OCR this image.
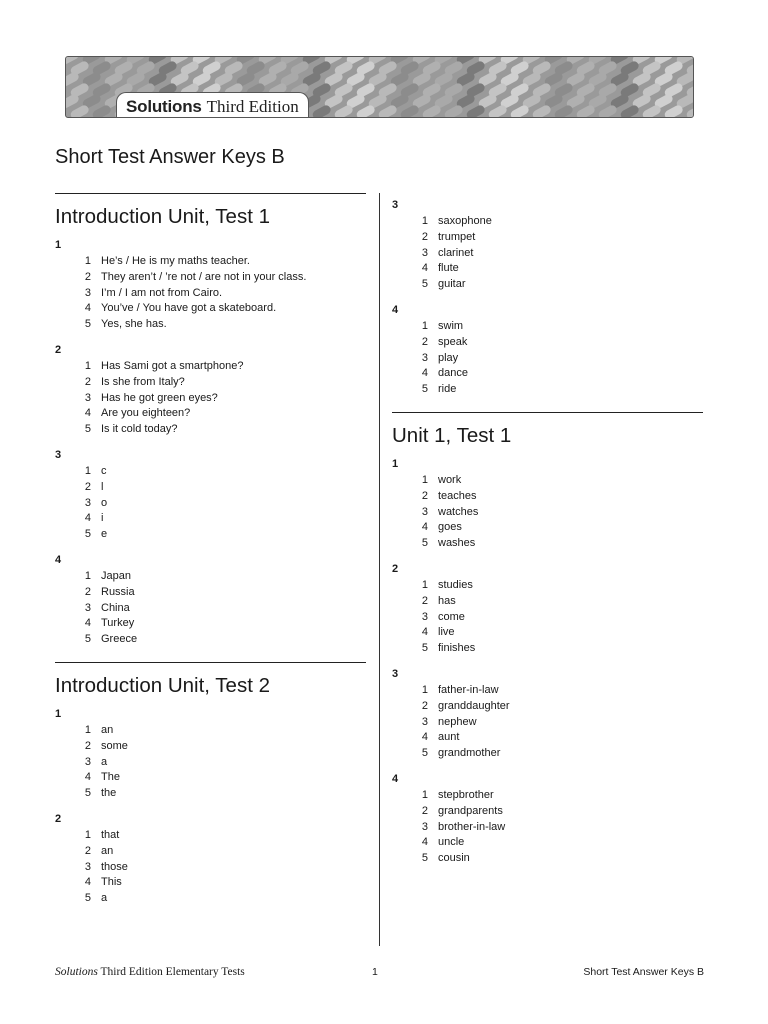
Solutions Third Edition
Short Test Answer Keys B
Introduction Unit, Test 1
1
1 He’s / He is my maths teacher.
2 They aren’t / ’re not / are not in your class.
3 I’m / I am not from Cairo.
4 You’ve / You have got a skateboard.
5 Yes, she has.
2
1 Has Sami got a smartphone?
2 Is she from Italy?
3 Has he got green eyes?
4 Are you eighteen?
5 Is it cold today?
3
1 c
2 l
3 o
4 i
5 e
4
1 Japan
2 Russia
3 China
4 Turkey
5 Greece
Introduction Unit, Test 2
1
1 an
2 some
3 a
4 The
5 the
2
1 that
2 an
3 those
4 This
5 a
3
1 saxophone
2 trumpet
3 clarinet
4 flute
5 guitar
4
1 swim
2 speak
3 play
4 dance
5 ride
Unit 1, Test 1
1
1 work
2 teaches
3 watches
4 goes
5 washes
2
1 studies
2 has
3 come
4 live
5 finishes
3
1 father-in-law
2 granddaughter
3 nephew
4 aunt
5 grandmother
4
1 stepbrother
2 grandparents
3 brother-in-law
4 uncle
5 cousin
Solutions Third Edition Elementary Tests	1	Short Test Answer Keys B
